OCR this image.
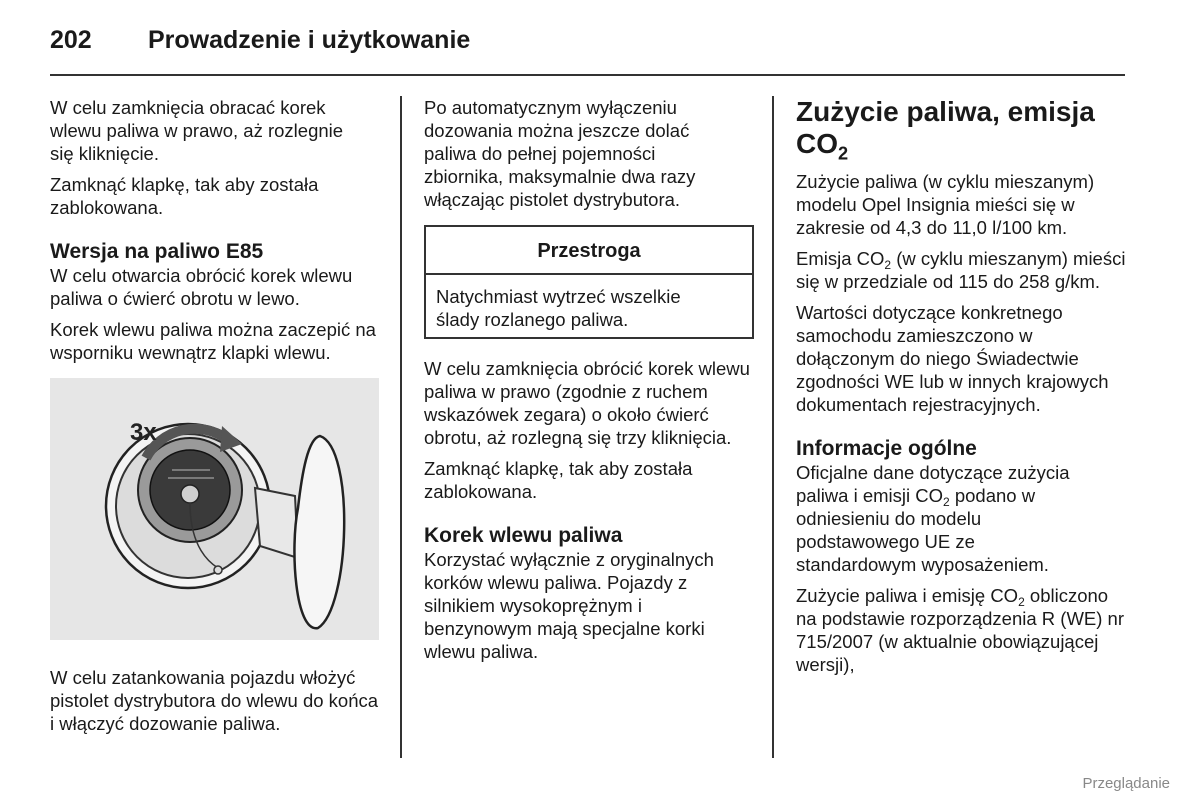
202	Prowadzenie i użytkowanie

W celu zamknięcia obracać korek wlewu paliwa w prawo, aż rozlegnie się kliknięcie.

Zamknąć klapkę, tak aby została zablokowana.

Wersja na paliwo E85

W celu otwarcia obrócić korek wlewu paliwa o ćwierć obrotu w lewo.

Korek wlewu paliwa można zaczepić na wsporniku wewnątrz klapki wlewu.

3x

W celu zatankowania pojazdu włożyć pistolet dystrybutora do wlewu do końca i włączyć dozowanie paliwa.

Po automatycznym wyłączeniu dozowania można jeszcze dolać paliwa do pełnej pojemności zbiornika, maksymalnie dwa razy włączając pistolet dystrybutora.

Przestroga

Natychmiast wytrzeć wszelkie ślady rozlanego paliwa.

W celu zamknięcia obrócić korek wlewu paliwa w prawo (zgodnie z ruchem wskazówek zegara) o około ćwierć obrotu, aż rozlegną się trzy kliknięcia.

Zamknąć klapkę, tak aby została zablokowana.

Korek wlewu paliwa

Korzystać wyłącznie z oryginalnych korków wlewu paliwa. Pojazdy z silnikiem wysokoprężnym i benzynowym mają specjalne korki wlewu paliwa.

Zużycie paliwa, emisja
$CO_2$

Zużycie paliwa (w cyklu mieszanym) modelu Opel Insignia mieści się w zakresie od 4,3 do 11,0 l/100 km.

Emisja $CO_2$ (w cyklu mieszanym) mieści się w przedziale od 115 do 258 g/km.

Wartości dotyczące konkretnego samochodu zamieszczono w dołączonym do niego Świadectwie zgodności WE lub w innych krajowych dokumentach rejestracyjnych.

Informacje ogólne

Oficjalne dane dotyczące zużycia paliwa i emisji $CO_2$ podano w odniesieniu do modelu podstawowego UE ze standardowym wyposażeniem.

Zużycie paliwa i emisję $CO_2$ obliczono na podstawie rozporządzenia R (WE) nr 715/2007 (w aktualnie obowiązującej wersji),

Przeglądanie
